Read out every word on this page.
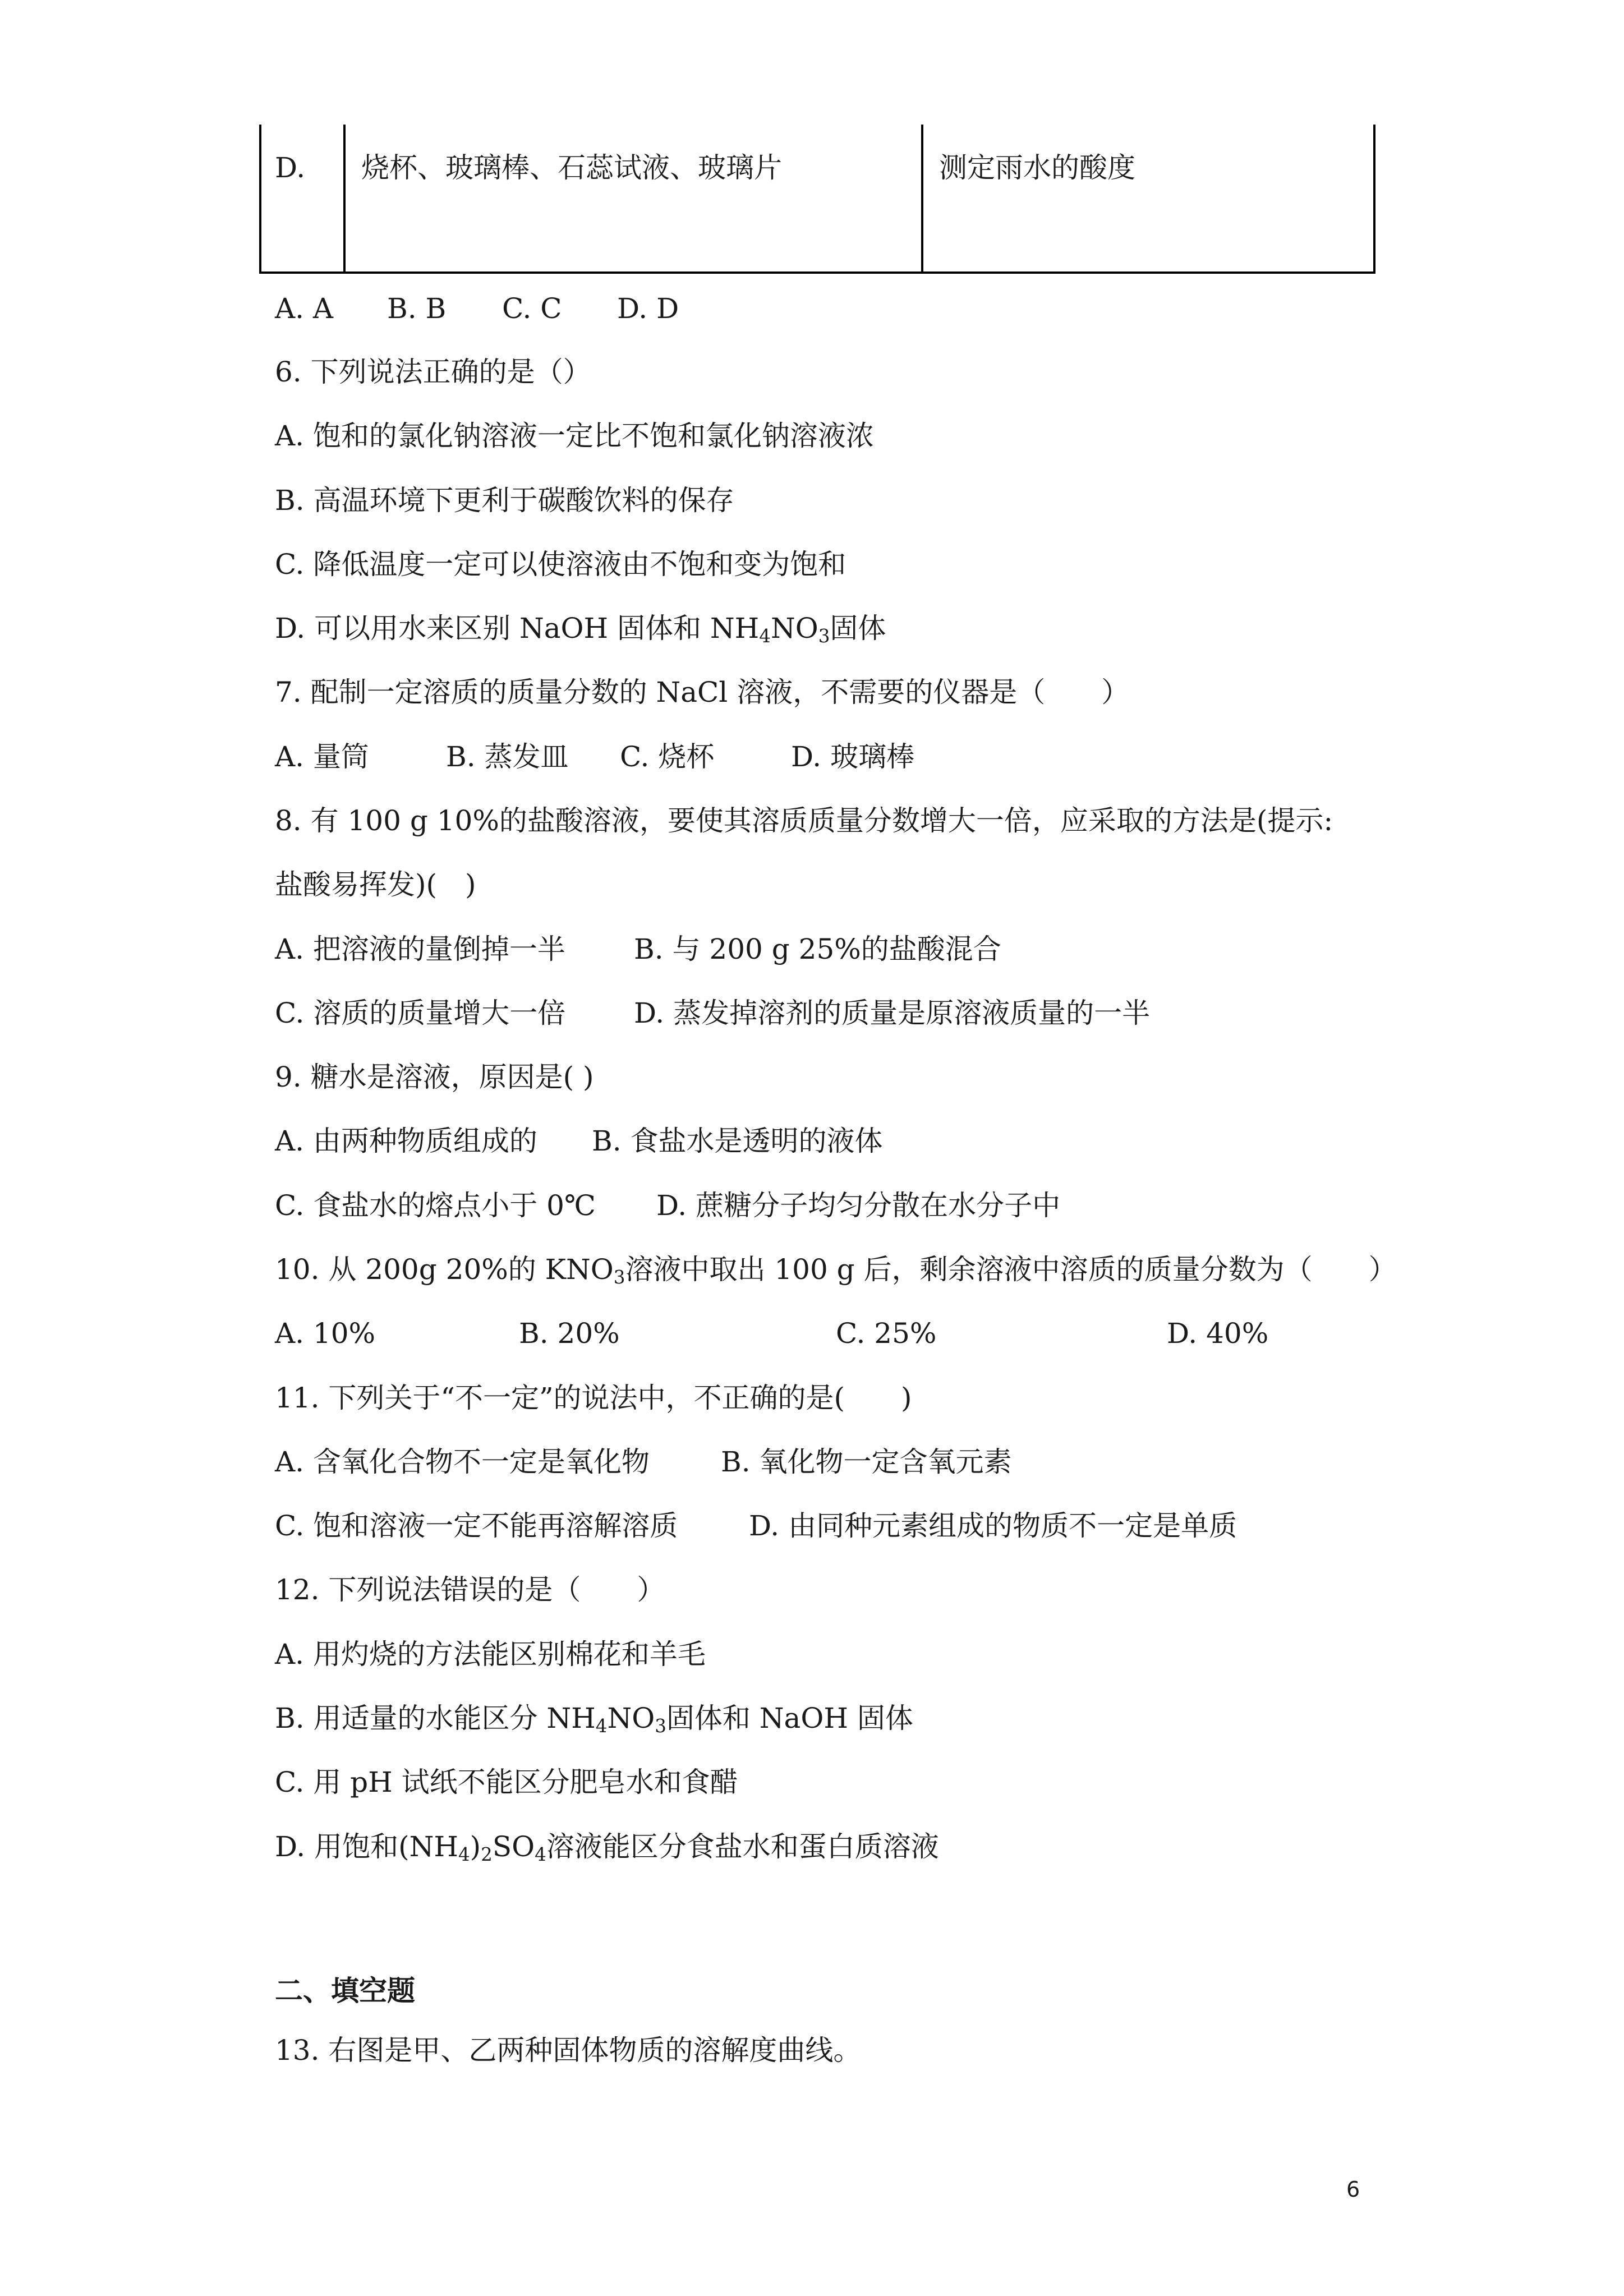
D. 烧杯、玻璃棒、石蕊试液、玻璃片	测定雨水的酸度
A. A B. B C. C D. D
6. 下列说法正确的是（）
A. 饱和的氯化钠溶液一定比不饱和氯化钠溶液浓
B. 高温环境下更利于碳酸饮料的保存
C. 降低温度一定可以使溶液由不饱和变为饱和
D. 可以用水来区别 NaOH 固体和 $NH_4NO_3$固体
7. 配制一定溶质的质量分数的 NaCl 溶液，不需要的仪器是（　　）
A. 量筒	B. 蒸发皿 C. 烧杯	D. 玻璃棒
8. 有 100 g 10%的盐酸溶液，要使其溶质质量分数增大一倍，应采取的方法是(提示:
盐酸易挥发)(　)
A. 把溶液的量倒掉一半 B. 与 200 g 25%的盐酸混合
C. 溶质的质量增大一倍 D. 蒸发掉溶剂的质量是原溶液质量的一半
9. 糖水是溶液，原因是( )
A. 由两种物质组成的 B. 食盐水是透明的液体
C. 食盐水的熔点小于 0℃ D. 蔗糖分子均匀分散在水分子中
10. 从 200g 20%的 $KNO_3$溶液中取出 100 g 后，剩余溶液中溶质的质量分数为（　　）
A. 10%	B. 20%	C. 25%	D. 40%
11. 下列关于“不一定”的说法中，不正确的是(　　)
A. 含氧化合物不一定是氧化物	B. 氧化物一定含氧元素
C. 饱和溶液一定不能再溶解溶质	D. 由同种元素组成的物质不一定是单质
12. 下列说法错误的是（　　）
A. 用灼烧的方法能区别棉花和羊毛
B. 用适量的水能区分 $NH_4NO_3$固体和 NaOH 固体
C. 用 pH 试纸不能区分肥皂水和食醋
D. 用饱和$(NH_4)_2SO_4$溶液能区分食盐水和蛋白质溶液
二、填空题
13. 右图是甲、乙两种固体物质的溶解度曲线。
6
